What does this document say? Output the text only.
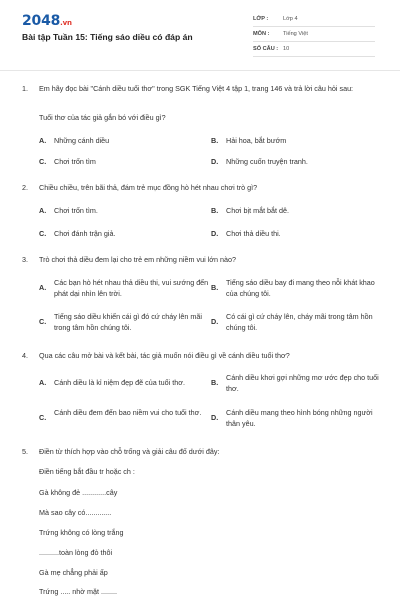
2048.vn
Bài tập Tuần 15: Tiếng sáo diều có đáp án
LỚP :	Lớp 4
MÔN :	Tiếng Việt
SỐ CÂU : 10
1. Em hãy đọc bài "Cánh diều tuổi thơ" trong SGK Tiếng Việt 4 tập 1, trang 146 và trả lời câu hỏi sau:
Tuổi thơ của tác giả gắn bó với điều gì?
A. Những cánh diều	B. Hải hoa, bắt bướm
C. Chơi trốn tìm	D. Những cuốn truyện tranh.
2. Chiều chiều, trên bãi thả, đám trẻ mục đồng hò hét nhau chơi trò gì?
A. Chơi trốn tìm.	B. Chơi bịt mắt bắt dê.
C. Chơi đánh trận giả.	D. Chơi thả diều thi.
3. Trò chơi thả diều đem lại cho trẻ em những niềm vui lớn nào?
A.
Các bạn hò hét nhau thả diều thi, vui sướng đến phát dại nhìn lên trời.
B.
Tiếng sáo diều bay đi mang theo nỗi khát khao của chúng tôi.
C.
Tiếng sáo diều khiến cái gì đó cứ cháy lên mãi trong tâm hồn chúng tôi.
D.
Có cái gì cứ cháy lên, cháy mãi trong tâm hồn chúng tôi.
4. Qua các câu mở bài và kết bài, tác giả muốn nói điều gì về cánh diều tuổi thơ?
A. Cánh diều là kỉ niệm đẹp đẽ của tuổi thơ.	B.
Cánh diều khơi gợi những mơ ước đẹp cho tuổi thơ.
C.
Cánh diều đem đến bao niềm vui cho tuổi thơ.
D.
Cánh diều mang theo hình bóng những người thân yêu.
5. Điền từ thích hợp vào chỗ trống và giải câu đố dưới đây:
Điền tiếng bắt đầu tr hoặc ch :
Gà không đẻ ............cây
Mà sao cây có.............
Trứng không có lòng trắng
..........toàn lòng đỏ thôi
Gà mẹ chẳng phải ấp
Trứng ..... nhờ mặt ........
